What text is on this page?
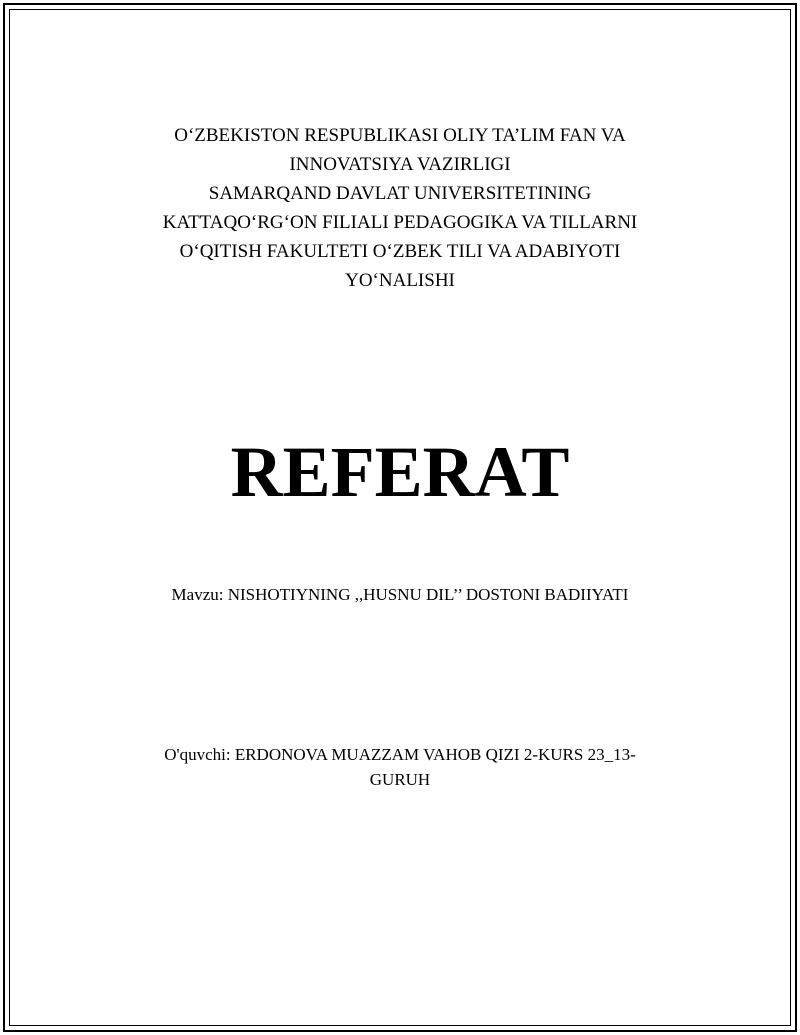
O‘ZBEKISTON RESPUBLIKASI OLIY TA’LIM FAN VA
INNOVATSIYA VAZIRLIGI
SAMARQAND DAVLAT UNIVERSITETINING
KATTAQO‘RG‘ON FILIALI PEDAGOGIKA VA TILLARNI
O‘QITISH FAKULTETI O‘ZBEK TILI VA ADABIYOTI
YO‘NALISHI
REFERAT
Mavzu: NISHOTIYNING ,,HUSNU DIL’’ DOSTONI BADIIYATI
O'quvchi: ERDONOVA MUAZZAM VAHOB QIZI 2-KURS 23_13-
GURUH
